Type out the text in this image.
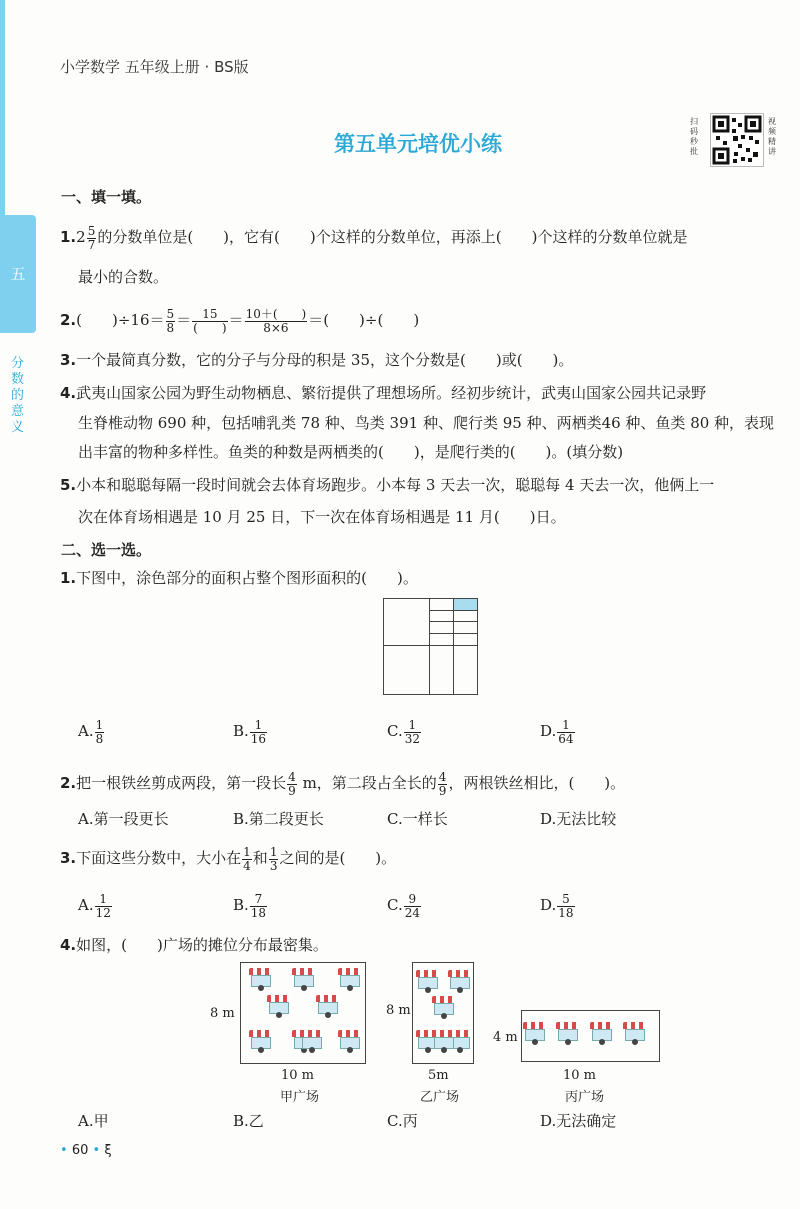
五
分数的意义
小学数学 五年级上册 · BS版
第五单元培优小练
扫码秒批
视频精讲
一、填一填。
$1.2 \frac{5}{7}$ 的分数单位是(　　)，它有(　　)个这样的分数单位，再添上(　　)个这样的分数单位就是
最小的合数。
2.(　　)$\div 16= \frac{5}{8} = \frac{15}{( )} = \frac{10+( )}{8\times 6}$ ＝(　　)÷(　　)
3.一个最简真分数，它的分子与分母的积是 35，这个分数是(　　)或(　　)。
4.武夷山国家公园为野生动物栖息、繁衍提供了理想场所。经初步统计，武夷山国家公园共记录野
生脊椎动物 690 种，包括哺乳类 78 种、鸟类 391 种、爬行类 95 种、两栖类46 种、鱼类 80 种，表现
出丰富的物种多样性。鱼类的种数是两栖类的(　　)，是爬行类的(　　)。(填分数)
5.小本和聪聪每隔一段时间就会去体育场跑步。小本每 3 天去一次，聪聪每 4 天去一次，他俩上一
次在体育场相遇是 10 月 25 日，下一次在体育场相遇是 11 月(　　)日。
二、选一选。
1.下图中，涂色部分的面积占整个图形面积的(　　)。
A. $\frac{1}{8}$	B. $\frac{1}{16}$	C. $\frac{1}{32}$	D. $\frac{1}{64}$
2.把一根铁丝剪成两段，第一段长 $\frac{4}{9}$ m，第二段占全长的 $\frac{4}{9}$ ，两根铁丝相比，(　　)。
A.第一段更长	B.第二段更长	C.一样长	D.无法比较
3.下面这些分数中，大小在 $\frac{1}{4}$ 和 $\frac{1}{3}$ 之间的是(　　)。
A. $\frac{1}{12}$	B. $\frac{7}{18}$	C. $\frac{9}{24}$	D. $\frac{5}{18}$
4.如图，(　　)广场的摊位分布最密集。
10 m
8 m
甲广场
5m
8 m
乙广场
10 m
4 m
丙广场
A.甲	B.乙	C.丙	D.无法确定
• 60 • ξ
